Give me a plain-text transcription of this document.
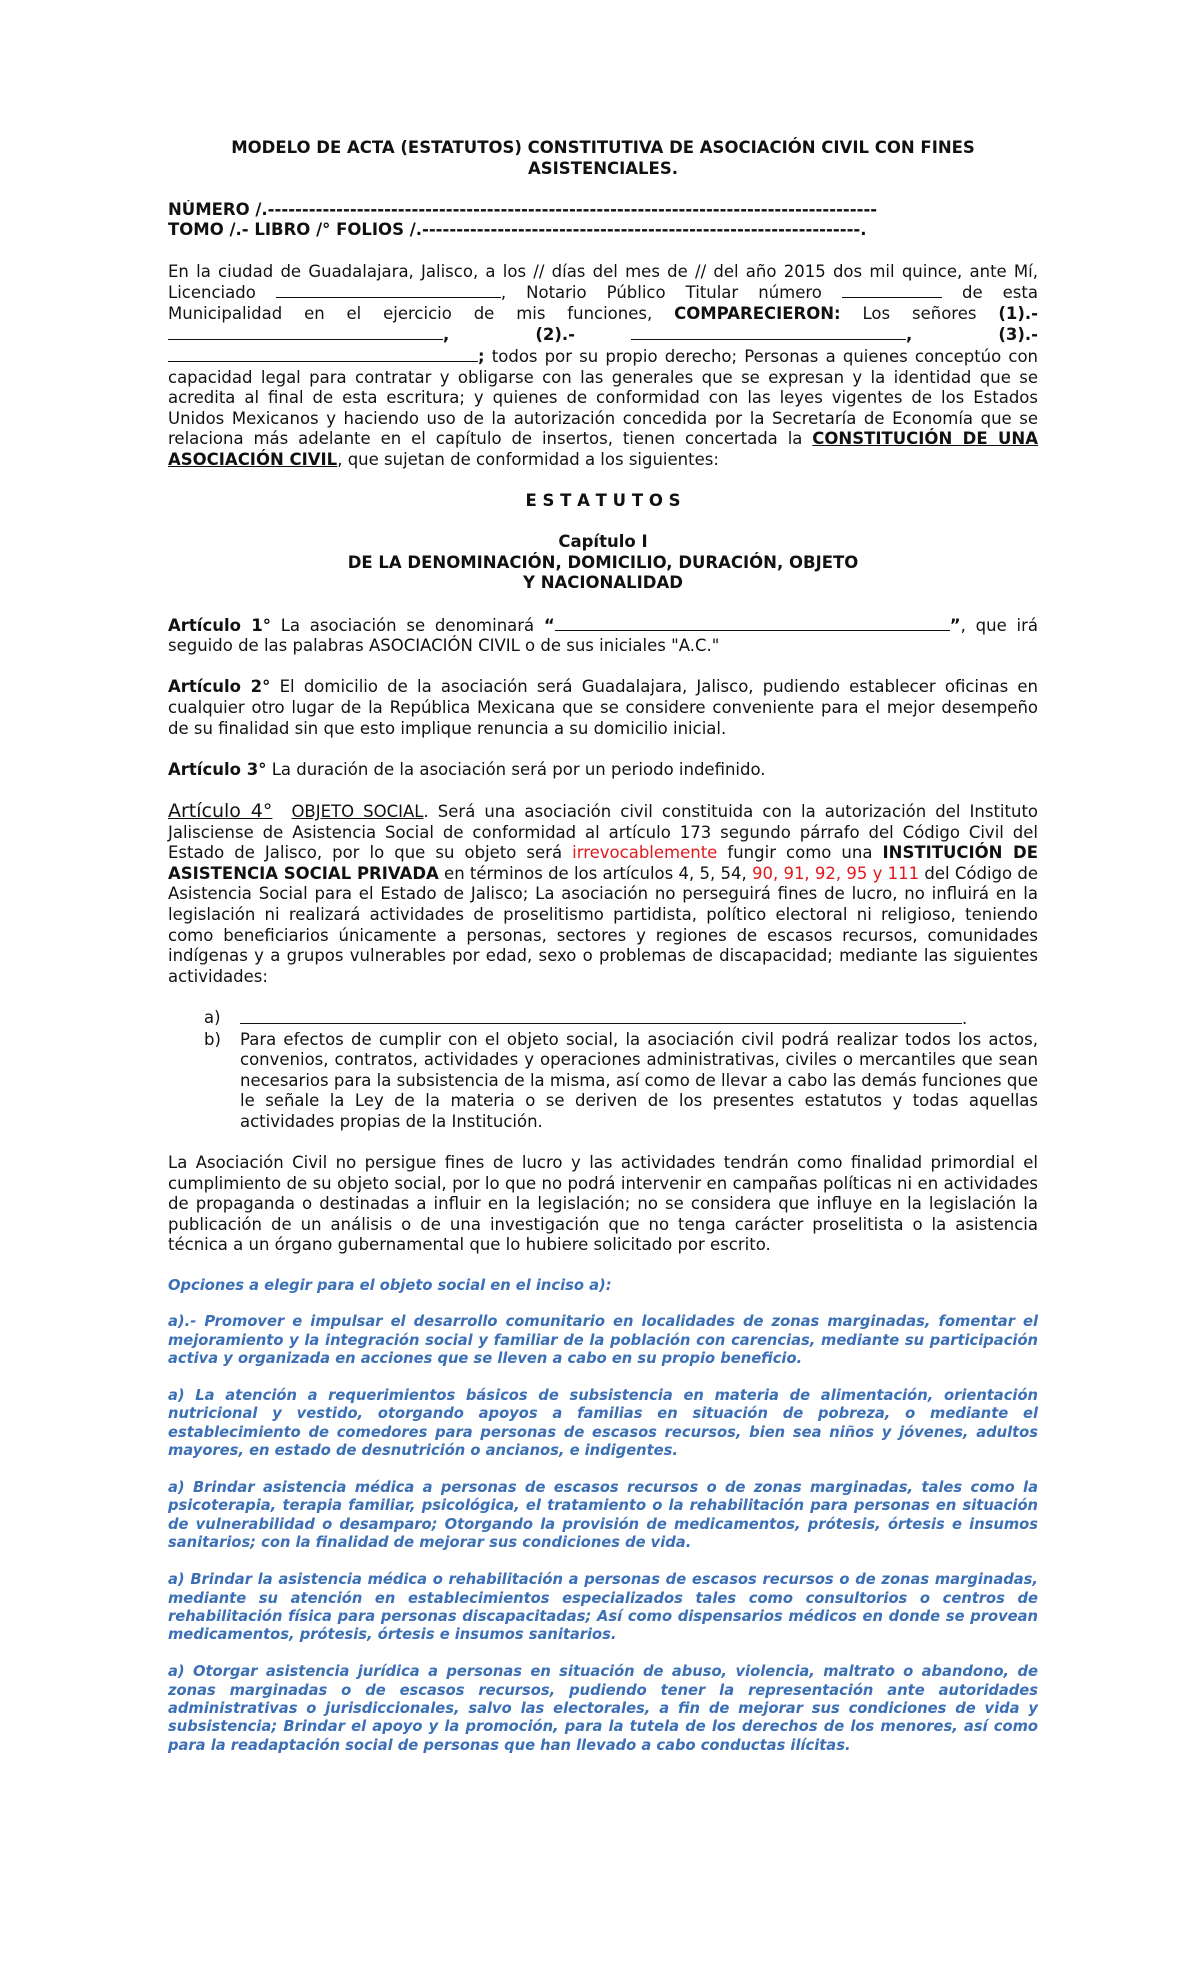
MODELO DE ACTA (ESTATUTOS) CONSTITUTIVA DE ASOCIACIÓN CIVIL CON FINES ASISTENCIALES.

NÚMERO /.-----------------------------------------------------------------------------------------

TOMO /.- LIBRO /° FOLIOS /.----------------------------------------------------------------.

En la ciudad de Guadalajara, Jalisco, a los // días del mes de // del año 2015 dos mil quince, ante Mí, Licenciado	, Notario Público Titular número	de esta Municipalidad en el ejercicio de mis funciones, COMPARECIERON: Los señores (1).- ,	(2).-	,	(3).- ; todos por su propio derecho; Personas a quienes conceptúo con capacidad legal para contratar y obligarse con las generales que se expresan y la identidad que se acredita al final de esta escritura; y quienes de conformidad con las leyes vigentes de los Estados Unidos Mexicanos y haciendo uso de la autorización concedida por la Secretaría de Economía que se relaciona más adelante en el capítulo de insertos, tienen concertada la CONSTITUCIÓN DE UNA ASOCIACIÓN CIVIL, que sujetan de conformidad a los siguientes:

E S T A T U T O S

Capítulo I

DE LA DENOMINACIÓN, DOMICILIO, DURACIÓN, OBJETO

Y NACIONALIDAD

Artículo 1° La asociación se denominará “	”, que irá seguido de las palabras ASOCIACIÓN CIVIL o de sus iniciales "A.C."

Artículo 2° El domicilio de la asociación será Guadalajara, Jalisco, pudiendo establecer oficinas en cualquier otro lugar de la República Mexicana que se considere conveniente para el mejor desempeño de su finalidad sin que esto implique renuncia a su domicilio inicial.

Artículo 3° La duración de la asociación será por un periodo indefinido.

Artículo 4° OBJETO SOCIAL. Será una asociación civil constituida con la autorización del Instituto Jalisciense de Asistencia Social de conformidad al artículo 173 segundo párrafo del Código Civil del Estado de Jalisco, por lo que su objeto será irrevocablemente fungir como una INSTITUCIÓN DE ASISTENCIA SOCIAL PRIVADA en términos de los artículos 4, 5, 54, 90, 91, 92, 95 y 111 del Código de Asistencia Social para el Estado de Jalisco; La asociación no perseguirá fines de lucro, no influirá en la legislación ni realizará actividades de proselitismo partidista, político electoral ni religioso, teniendo como beneficiarios únicamente a personas, sectores y regiones de escasos recursos, comunidades indígenas y a grupos vulnerables por edad, sexo o problemas de discapacidad; mediante las siguientes actividades:

a)	.
b)	Para efectos de cumplir con el objeto social, la asociación civil podrá realizar todos los actos, convenios, contratos, actividades y operaciones administrativas, civiles o mercantiles que sean necesarios para la subsistencia de la misma, así como de llevar a cabo las demás funciones que le señale la Ley de la materia o se deriven de los presentes estatutos y todas aquellas actividades propias de la Institución.

La Asociación Civil no persigue fines de lucro y las actividades tendrán como finalidad primordial el cumplimiento de su objeto social, por lo que no podrá intervenir en campañas políticas ni en actividades de propaganda o destinadas a influir en la legislación; no se considera que influye en la legislación la publicación de un análisis o de una investigación que no tenga carácter proselitista o la asistencia técnica a un órgano gubernamental que lo hubiere solicitado por escrito.

Opciones a elegir para el objeto social en el inciso a):

a).- Promover e impulsar el desarrollo comunitario en localidades de zonas marginadas, fomentar el mejoramiento y la integración social y familiar de la población con carencias, mediante su participación activa y organizada en acciones que se lleven a cabo en su propio beneficio.

a) La atención a requerimientos básicos de subsistencia en materia de alimentación, orientación nutricional y vestido, otorgando apoyos a familias en situación de pobreza, o mediante el establecimiento de comedores para personas de escasos recursos, bien sea niños y jóvenes, adultos mayores, en estado de desnutrición o ancianos, e indigentes.

a) Brindar asistencia médica a personas de escasos recursos o de zonas marginadas, tales como la psicoterapia, terapia familiar, psicológica, el tratamiento o la rehabilitación para personas en situación de vulnerabilidad o desamparo; Otorgando la provisión de medicamentos, prótesis, órtesis e insumos sanitarios; con la finalidad de mejorar sus condiciones de vida.

a) Brindar la asistencia médica o rehabilitación a personas de escasos recursos o de zonas marginadas, mediante su atención en establecimientos especializados tales como consultorios o centros de rehabilitación física para personas discapacitadas; Así como dispensarios médicos en donde se provean medicamentos, prótesis, órtesis e insumos sanitarios.

a) Otorgar asistencia jurídica a personas en situación de abuso, violencia, maltrato o abandono, de zonas marginadas o de escasos recursos, pudiendo tener la representación ante autoridades administrativas o jurisdiccionales, salvo las electorales, a fin de mejorar sus condiciones de vida y subsistencia; Brindar el apoyo y la promoción, para la tutela de los derechos de los menores, así como para la readaptación social de personas que han llevado a cabo conductas ilícitas.
